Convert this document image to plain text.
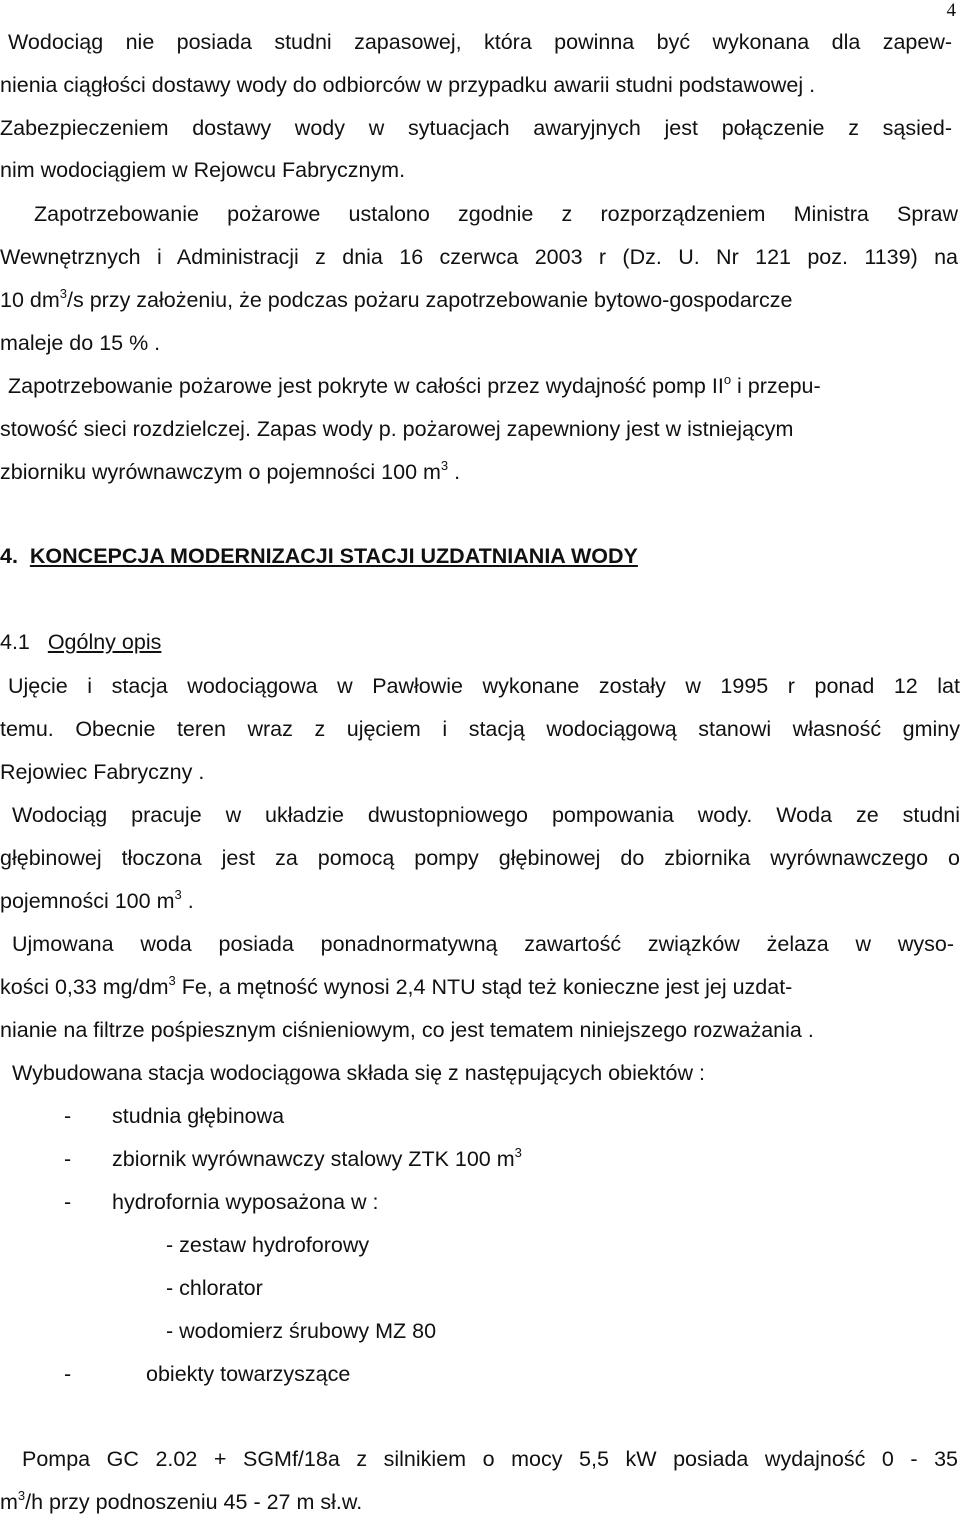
4
Wodociąg nie posiada studni zapasowej, która powinna być wykonana dla zapew-
nienia ciągłości dostawy wody do odbiorców w przypadku awarii studni podstawowej .
Zabezpieczeniem dostawy wody w sytuacjach awaryjnych jest połączenie z sąsied-
nim wodociągiem w Rejowcu Fabrycznym.
Zapotrzebowanie pożarowe ustalono zgodnie z rozporządzeniem Ministra Spraw
Wewnętrznych i Administracji z dnia 16 czerwca 2003 r (Dz. U. Nr 121 poz. 1139) na
10 $dm^3/s$ przy założeniu, że podczas pożaru zapotrzebowanie bytowo-gospodarcze
maleje do 15 % .
Zapotrzebowanie pożarowe jest pokryte w całości przez wydajność pomp $II^o$ i przepu-
stowość sieci rozdzielczej. Zapas wody p. pożarowej zapewniony jest w istniejącym
zbiorniku wyrównawczym o pojemności 100 $m^3$ .
4. KONCEPCJA MODERNIZACJI STACJI UZDATNIANIA WODY
4.1 Ogólny opis
Ujęcie i stacja wodociągowa w Pawłowie wykonane zostały w 1995 r ponad 12 lat
temu. Obecnie teren wraz z ujęciem i stacją wodociągową stanowi własność gminy
Rejowiec Fabryczny .
Wodociąg pracuje w układzie dwustopniowego pompowania wody. Woda ze studni
głębinowej tłoczona jest za pomocą pompy głębinowej do zbiornika wyrównawczego o
pojemności 100 $m^3$ .
Ujmowana woda posiada ponadnormatywną zawartość związków żelaza w wyso-
kości 0,33 $mg/dm^3$ Fe, a mętność wynosi 2,4 NTU stąd też konieczne jest jej uzdat-
nianie na filtrze pośpiesznym ciśnieniowym, co jest tematem niniejszego rozważania .
Wybudowana stacja wodociągowa składa się z następujących obiektów :
- studnia głębinowa
- zbiornik wyrównawczy stalowy ZTK 100 $m^3$
- hydrofornia wyposażona w :
- zestaw hydroforowy
- chlorator
- wodomierz śrubowy MZ 80
-	obiekty towarzyszące
Pompa GC 2.02 + SGMf/18a z silnikiem o mocy 5,5 kW posiada wydajność 0 - 35
$m^3/h$ przy podnoszeniu 45 - 27 m sł.w.
